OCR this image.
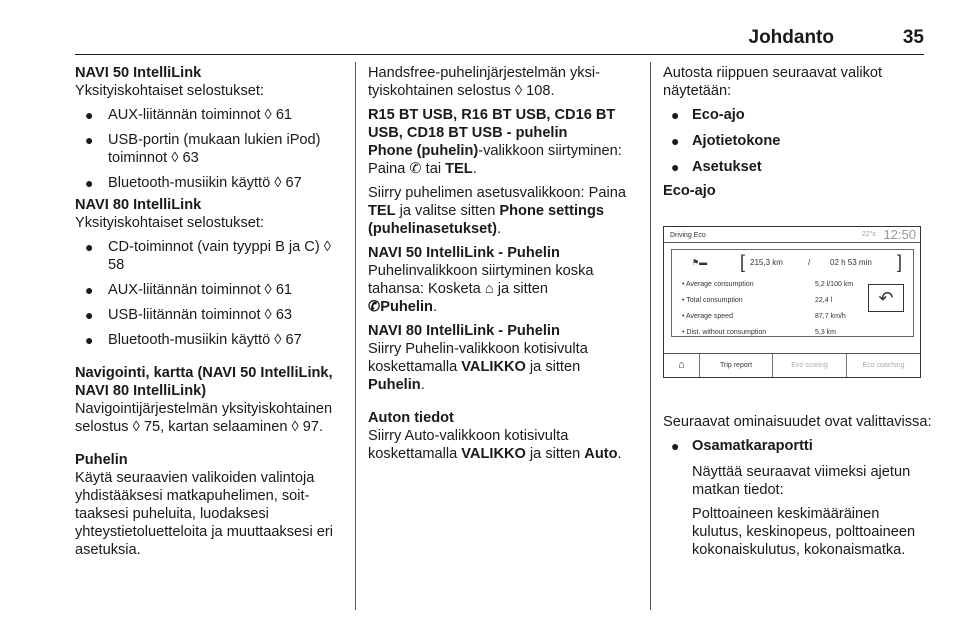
Johdanto	35
NAVI 50 IntelliLink
Yksityiskohtaiset selostukset:
● AUX-liitännän toiminnot ◊ 61
● USB-portin (mukaan lukien iPod) toiminnot ◊ 63
● Bluetooth-musiikin käyttö ◊ 67
NAVI 80 IntelliLink
Yksityiskohtaiset selostukset:
● CD-toiminnot (vain tyyppi B ja C) ◊ 58
● AUX-liitännän toiminnot ◊ 61
● USB-liitännän toiminnot ◊ 63
● Bluetooth-musiikin käyttö ◊ 67
Navigointi, kartta (NAVI 50 IntelliLink, NAVI 80 IntelliLink)
Navigointijärjestelmän yksityiskohtainen selostus ◊ 75, kartan selaaminen ◊ 97.
Puhelin
Käytä seuraavien valikoiden valintoja yhdistääksesi matkapuhelimen, soittaaksesi puheluita, luodaksesi yhteystietoluetteloita ja muuttaaksesi eri asetuksia.
Handsfree-puhelinjärjestelmän yksityiskohtainen selostus ◊ 108.
R15 BT USB, R16 BT USB, CD16 BT USB, CD18 BT USB - puhelin
Phone (puhelin)-valikkoon siirtyminen: Paina ✆ tai TEL.
Siirry puhelimen asetusvalikkoon: Paina TEL ja valitse sitten Phone settings (puhelinasetukset).
NAVI 50 IntelliLink - Puhelin
Puhelinvalikkoon siirtyminen koska tahansa: Kosketa ⌂ ja sitten
✆Puhelin.
NAVI 80 IntelliLink - Puhelin
Siirry Puhelin-valikkoon kotisivulta koskettamalla VALIKKO ja sitten Puhelin.
Auton tiedot
Siirry Auto-valikkoon kotisivulta koskettamalla VALIKKO ja sitten Auto.
Autosta riippuen seuraavat valikot näytetään:
● Eco-ajo
● Ajotietokone
● Asetukset
Eco-ajo
Driving Eco	22°c 12:50
⚑▬ [ 215,3 km	/ 02 h 53 min ]
• Average consumption	5,2 l/100 km
• Total consumption	22,4 l
• Average speed	87,7 km/h
• Dist. without consumption	5,3 km
↶
⌂	Trip report	Eco scoring	Eco coaching
Seuraavat ominaisuudet ovat valittavissa:
● Osamatkaraportti
Näyttää seuraavat viimeksi ajetun matkan tiedot:
Polttoaineen keskimääräinen kulutus, keskinopeus, polttoaineen kokonaiskulutus, kokonaismatka.
